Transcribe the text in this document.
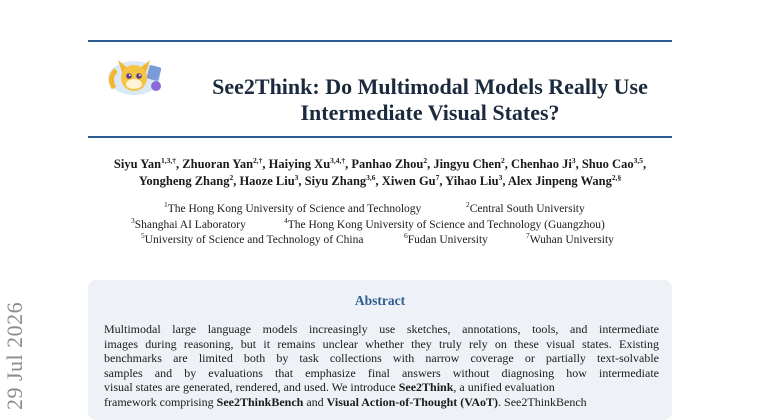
See2Think: Do Multimodal Models Really Use
Intermediate Visual States?
Siyu Yan$^{1,3,\dagger}$, Zhuoran Yan$^{2,\dagger}$, Haiying $Xu^{3,4,\dagger}$, Panhao Zhou$^2$, Jingyu Chen$^2$, Chenhao Ji$^3$, Shuo Cao$^{3,5}$,
Yongheng Zhang$^2$, Haoze Liu$^3$, Siyu Zhang$^{3,6}$, Xiwen Gu$^7$, Yihao Liu$^3$, Alex Jinpeng Wang$^{2,\S}$
$^1$The Hong Kong University of Science and Technology	$^2$Central South University
$^3$Shanghai AI Laboratory	$^4$The Hong Kong University of Science and Technology (Guangzhou)
$^5$University of Science and Technology of China	$^6$Fudan University	$^7$Wuhan University
Abstract
Multimodal large language models increasingly use sketches, annotations, tools, and intermediate
images during reasoning, but it remains unclear whether they truly rely on these visual states. Existing
benchmarks are limited both by task collections with narrow coverage or partially text-solvable
samples and by evaluations that emphasize final answers without diagnosing how intermediate
visual states are generated, rendered, and used. We introduce See2Think, a unified evaluation
framework comprising See2ThinkBench and Visual Action-of-Thought (VAoT). See2ThinkBench
29 Jul 2026
